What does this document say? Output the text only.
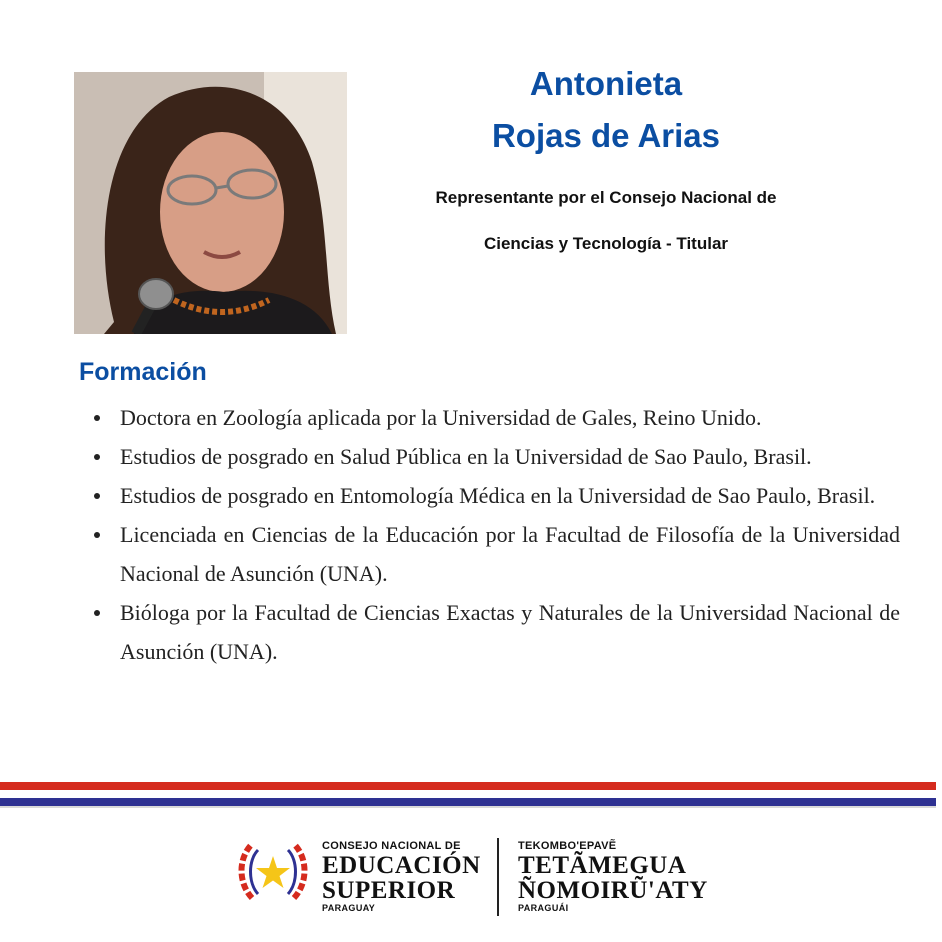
Antonieta
Rojas de Arias
Representante por el Consejo Nacional de
Ciencias y Tecnología - Titular
Formación
Doctora en Zoología aplicada por la Universidad de Gales, Reino Unido.
Estudios de posgrado en Salud Pública en la Universidad de Sao Paulo, Brasil.
Estudios de posgrado en Entomología Médica en la Universidad de Sao Paulo, Brasil.
Licenciada en Ciencias de la Educación por la Facultad de Filosofía de la Universidad Nacional de Asunción (UNA).
Bióloga por la Facultad de Ciencias Exactas y Naturales de la Universidad Nacional de Asunción (UNA).
CONSEJO NACIONAL DE
EDUCACIÓN
SUPERIOR
PARAGUAY
TEKOMBO'EPAVẼ
TETÃMEGUA
ÑOMOIRŨ'ATY
PARAGUÁI
